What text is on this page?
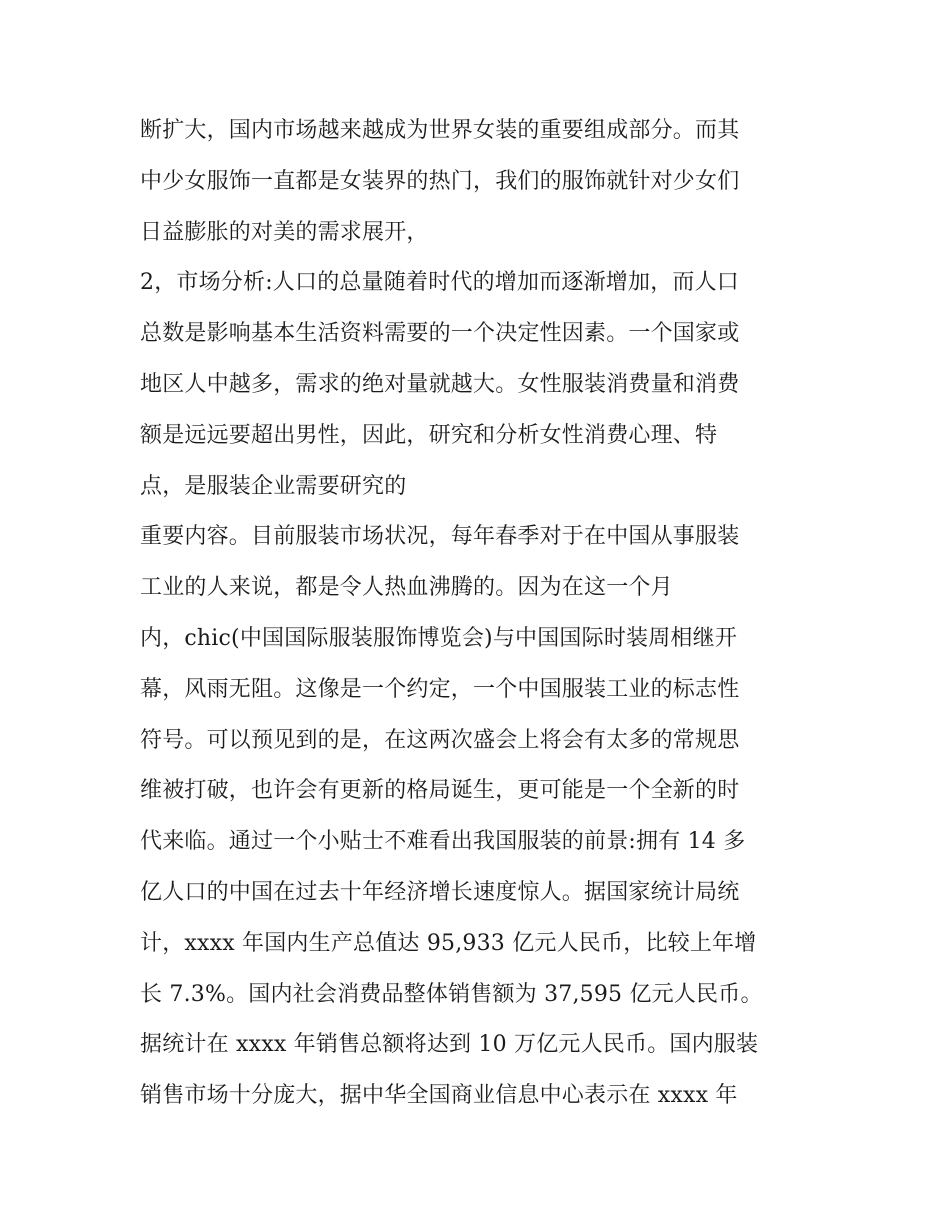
断扩大，国内市场越来越成为世界女装的重要组成部分。而其
中少女服饰一直都是女装界的热门，我们的服饰就针对少女们
日益膨胀的对美的需求展开，
2，市场分析:人口的总量随着时代的增加而逐渐增加，而人口
总数是影响基本生活资料需要的一个决定性因素。一个国家或
地区人中越多，需求的绝对量就越大。女性服装消费量和消费
额是远远要超出男性，因此，研究和分析女性消费心理、特
点，是服装企业需要研究的
重要内容。目前服装市场状况，每年春季对于在中国从事服装
工业的人来说，都是令人热血沸腾的。因为在这一个月
内，chic(中国国际服装服饰博览会)与中国国际时装周相继开
幕，风雨无阻。这像是一个约定，一个中国服装工业的标志性
符号。可以预见到的是，在这两次盛会上将会有太多的常规思
维被打破，也许会有更新的格局诞生，更可能是一个全新的时
代来临。通过一个小贴士不难看出我国服装的前景:拥有 14 多
亿人口的中国在过去十年经济增长速度惊人。据国家统计局统
计，xxxx 年国内生产总值达 95,933 亿元人民币，比较上年增
长 7.3%。国内社会消费品整体销售额为 37,595 亿元人民币。
据统计在 xxxx 年销售总额将达到 10 万亿元人民币。国内服装
销售市场十分庞大，据中华全国商业信息中心表示在 xxxx 年
